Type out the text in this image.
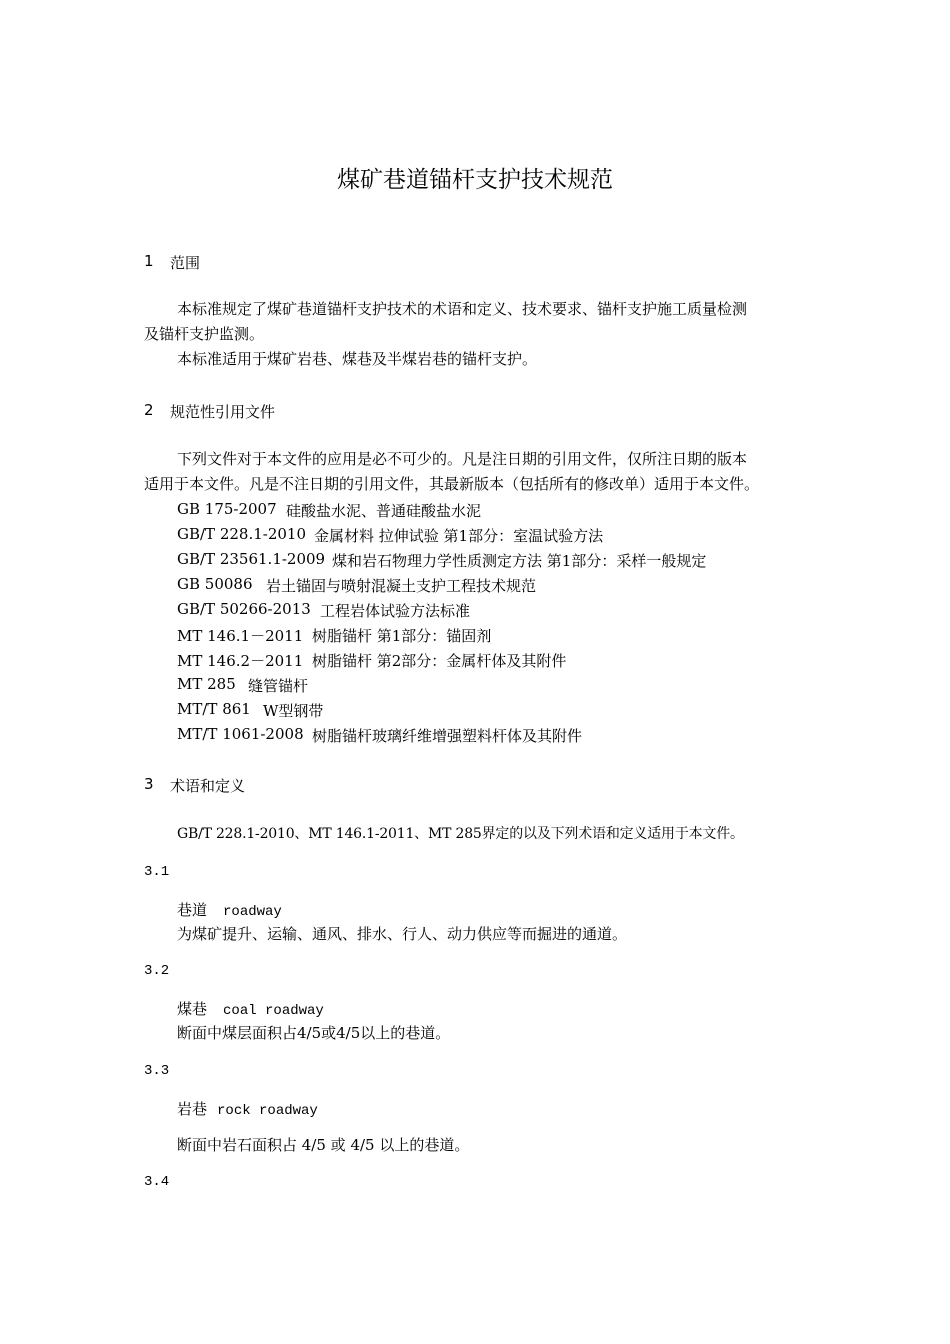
煤矿巷道锚杆支护技术规范
1 范围
本标准规定了煤矿巷道锚杆支护技术的术语和定义、技术要求、锚杆支护施工质量检测
及锚杆支护监测。
本标准适用于煤矿岩巷、煤巷及半煤岩巷的锚杆支护。
2 规范性引用文件
下列文件对于本文件的应用是必不可少的。凡是注日期的引用文件，仅所注日期的版本
适用于本文件。凡是不注日期的引用文件，其最新版本（包括所有的修改单）适用于本文件。
GB 175-2007 硅酸盐水泥、普通硅酸盐水泥
GB/T 228.1-2010 金属材料 拉伸试验 第1部分：室温试验方法
GB/T 23561.1-2009 煤和岩石物理力学性质测定方法 第1部分：采样一般规定
GB 50086 岩土锚固与喷射混凝土支护工程技术规范
GB/T 50266-2013 工程岩体试验方法标准
MT 146.1－2011 树脂锚杆 第1部分：锚固剂
MT 146.2－2011 树脂锚杆 第2部分：金属杆体及其附件
MT 285 缝管锚杆
MT/T 861 W型钢带
MT/T 1061-2008 树脂锚杆玻璃纤维增强塑料杆体及其附件
3 术语和定义
GB/T 228.1-2010、MT 146.1-2011、MT 285界定的以及下列术语和定义适用于本文件。
3.1
巷道 roadway
为煤矿提升、运输、通风、排水、行人、动力供应等而掘进的通道。
3.2
煤巷 coal roadway
断面中煤层面积占4/5或4/5以上的巷道。
3.3
岩巷 rock roadway
断面中岩石面积占 4/5 或 4/5 以上的巷道。
3.4
